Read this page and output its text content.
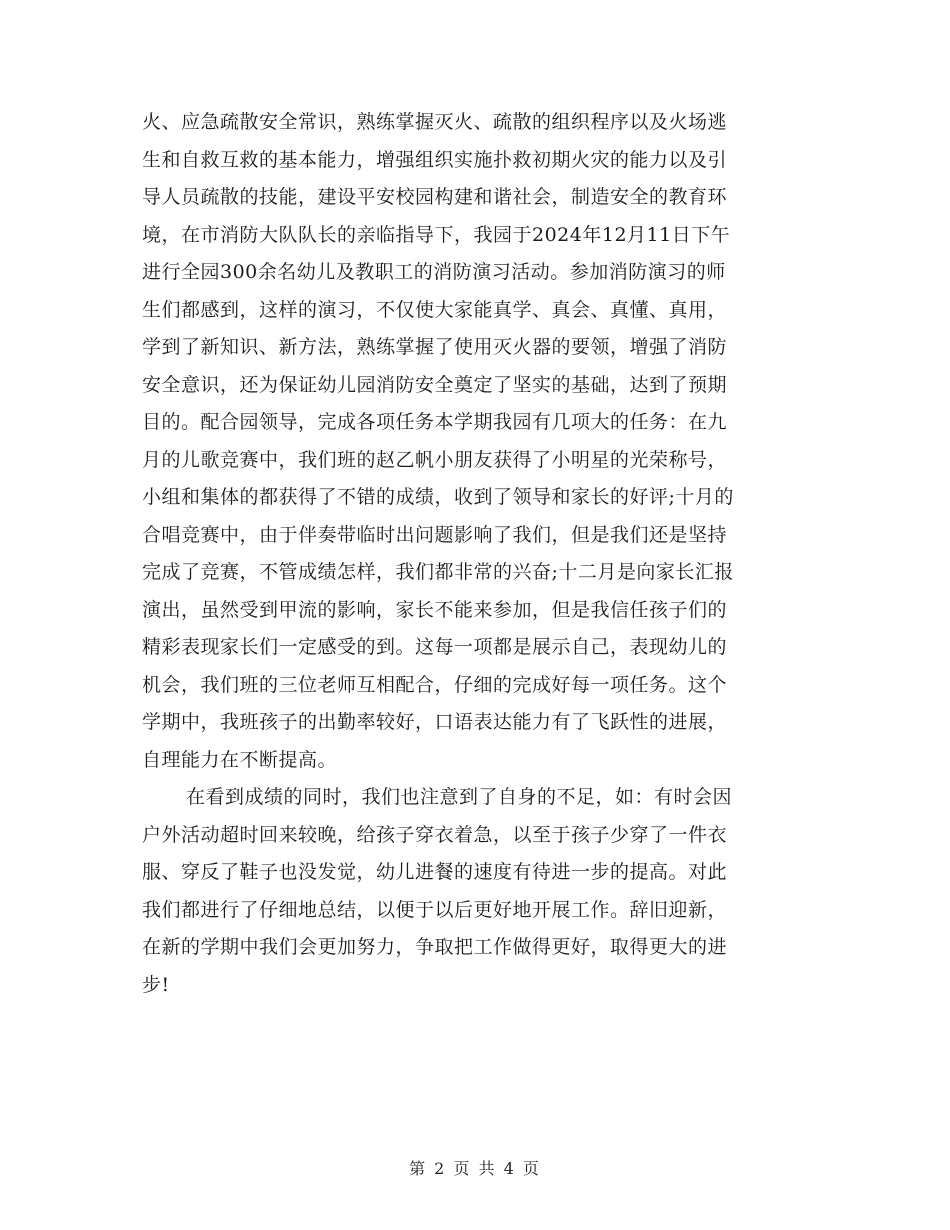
火、应急疏散安全常识，熟练掌握灭火、疏散的组织程序以及火场逃
生和自救互救的基本能力，增强组织实施扑救初期火灾的能力以及引
导人员疏散的技能，建设平安校园构建和谐社会，制造安全的教育环
境，在市消防大队队长的亲临指导下，我园于2024年12月11日下午
进行全园300余名幼儿及教职工的消防演习活动。参加消防演习的师
生们都感到，这样的演习，不仅使大家能真学、真会、真懂、真用，
学到了新知识、新方法，熟练掌握了使用灭火器的要领，增强了消防
安全意识，还为保证幼儿园消防安全奠定了坚实的基础，达到了预期
目的。配合园领导，完成各项任务本学期我园有几项大的任务：在九
月的儿歌竞赛中，我们班的赵乙帆小朋友获得了小明星的光荣称号，
小组和集体的都获得了不错的成绩，收到了领导和家长的好评;十月的
合唱竞赛中，由于伴奏带临时出问题影响了我们，但是我们还是坚持
完成了竞赛，不管成绩怎样，我们都非常的兴奋;十二月是向家长汇报
演出，虽然受到甲流的影响，家长不能来参加，但是我信任孩子们的
精彩表现家长们一定感受的到。这每一项都是展示自己，表现幼儿的
机会，我们班的三位老师互相配合，仔细的完成好每一项任务。这个
学期中，我班孩子的出勤率较好，口语表达能力有了飞跃性的进展，
自理能力在不断提高。
在看到成绩的同时，我们也注意到了自身的不足，如：有时会因
户外活动超时回来较晚，给孩子穿衣着急，以至于孩子少穿了一件衣
服、穿反了鞋子也没发觉，幼儿进餐的速度有待进一步的提高。对此
我们都进行了仔细地总结，以便于以后更好地开展工作。辞旧迎新，
在新的学期中我们会更加努力，争取把工作做得更好，取得更大的进
步!
第 2 页 共 4 页
